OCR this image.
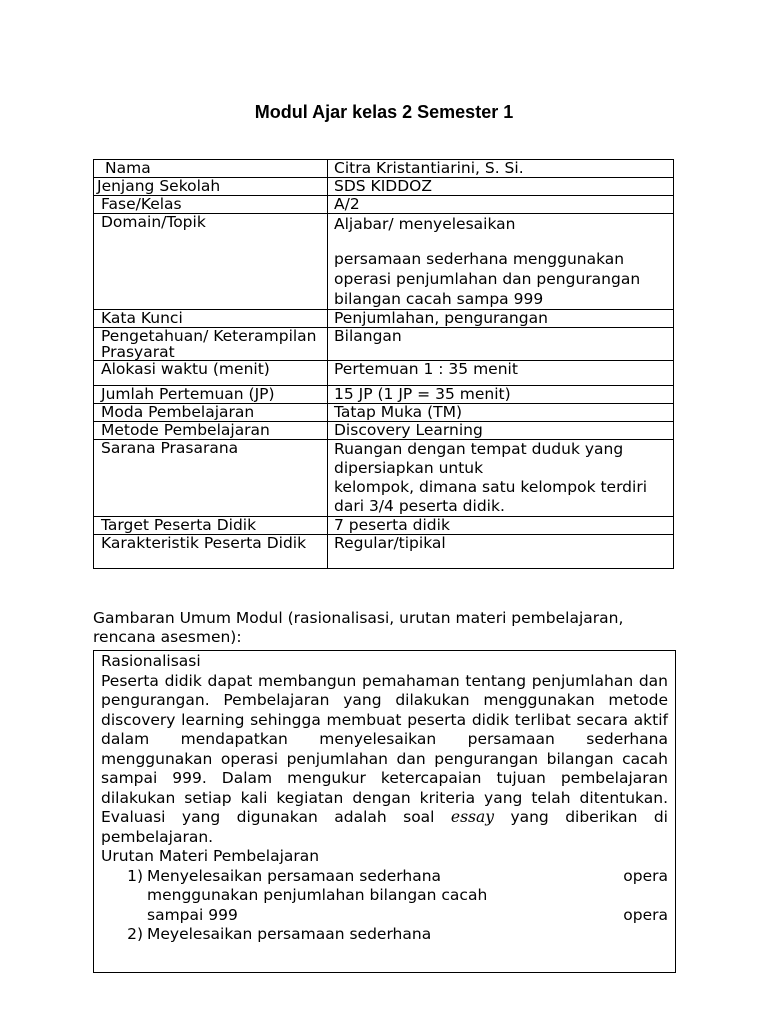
Modul Ajar kelas 2 Semester 1
Nama	Citra Kristantiarini, S. Si.
Jenjang Sekolah	SDS KIDDOZ
Fase/Kelas	A/2
Domain/Topik	Aljabar/ menyelesaikan
persamaan sederhana menggunakan operasi penjumlahan dan pengurangan bilangan cacah sampa 999

Kata Kunci	Penjumlahan, pengurangan
Pengetahuan/ Keterampilan Prasyarat	Bilangan
Alokasi waktu (menit)	Pertemuan 1 : 35 menit
Jumlah Pertemuan (JP)	15 JP (1 JP = 35 menit)
Moda Pembelajaran	Tatap Muka (TM)
Metode Pembelajaran	Discovery Learning
Sarana Prasarana	Ruangan dengan tempat duduk yang dipersiapkan untuk
kelompok, dimana satu kelompok terdiri dari 3/4 peserta didik.

Target Peserta Didik	7 peserta didik
Karakteristik Peserta Didik	Regular/tipikal
Gambaran Umum Modul (rasionalisasi, urutan materi pembelajaran, rencana asesmen):
Rasionalisasi
Peserta didik dapat membangun pemahaman tentang penjumlahan dan pengurangan. Pembelajaran yang dilakukan menggunakan metode discovery learning sehingga membuat peserta didik terlibat secara aktif dalam mendapatkan menyelesaikan persamaan sederhana menggunakan operasi penjumlahan dan pengurangan bilangan cacah sampai 999. Dalam mengukur ketercapaian tujuan pembelajaran dilakukan setiap kali kegiatan dengan kriteria yang telah ditentukan. Evaluasi yang digunakan adalah soal essay yang diberikan di pembelajaran.
Urutan Materi Pembelajaran
1) Menyelesaikan persamaan sederhana	opera
menggunakan penjumlahan bilangan cacah
sampai 999	opera
2) Meyelesaikan persamaan sederhana
